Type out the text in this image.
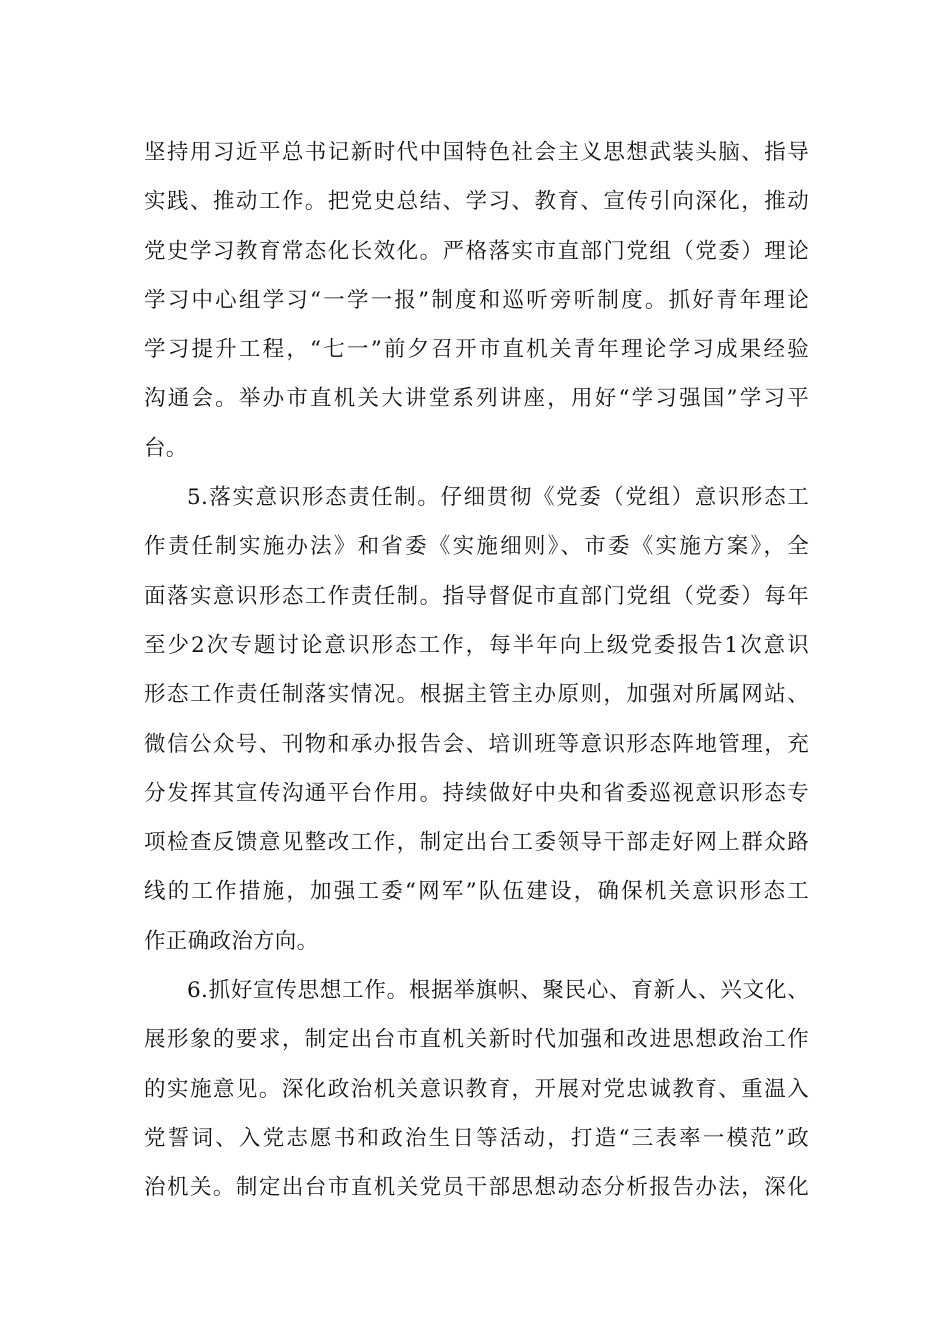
坚持用习近平总书记新时代中国特色社会主义思想武装头脑、指导
实践、推动工作。把党史总结、学习、教育、宣传引向深化，推动
党史学习教育常态化长效化。严格落实市直部门党组（党委）理论
学习中心组学习“一学一报”制度和巡听旁听制度。抓好青年理论
学习提升工程，“七一”前夕召开市直机关青年理论学习成果经验
沟通会。举办市直机关大讲堂系列讲座，用好“学习强国”学习平
台。
5.落实意识形态责任制。仔细贯彻《党委（党组）意识形态工
作责任制实施办法》和省委《实施细则》、市委《实施方案》，全
面落实意识形态工作责任制。指导督促市直部门党组（党委）每年
至少2次专题讨论意识形态工作，每半年向上级党委报告1次意识
形态工作责任制落实情况。根据主管主办原则，加强对所属网站、
微信公众号、刊物和承办报告会、培训班等意识形态阵地管理，充
分发挥其宣传沟通平台作用。持续做好中央和省委巡视意识形态专
项检查反馈意见整改工作，制定出台工委领导干部走好网上群众路
线的工作措施，加强工委“网军”队伍建设，确保机关意识形态工
作正确政治方向。
6.抓好宣传思想工作。根据举旗帜、聚民心、育新人、兴文化、
展形象的要求，制定出台市直机关新时代加强和改进思想政治工作
的实施意见。深化政治机关意识教育，开展对党忠诚教育、重温入
党誓词、入党志愿书和政治生日等活动，打造“三表率一模范”政
治机关。制定出台市直机关党员干部思想动态分析报告办法，深化
